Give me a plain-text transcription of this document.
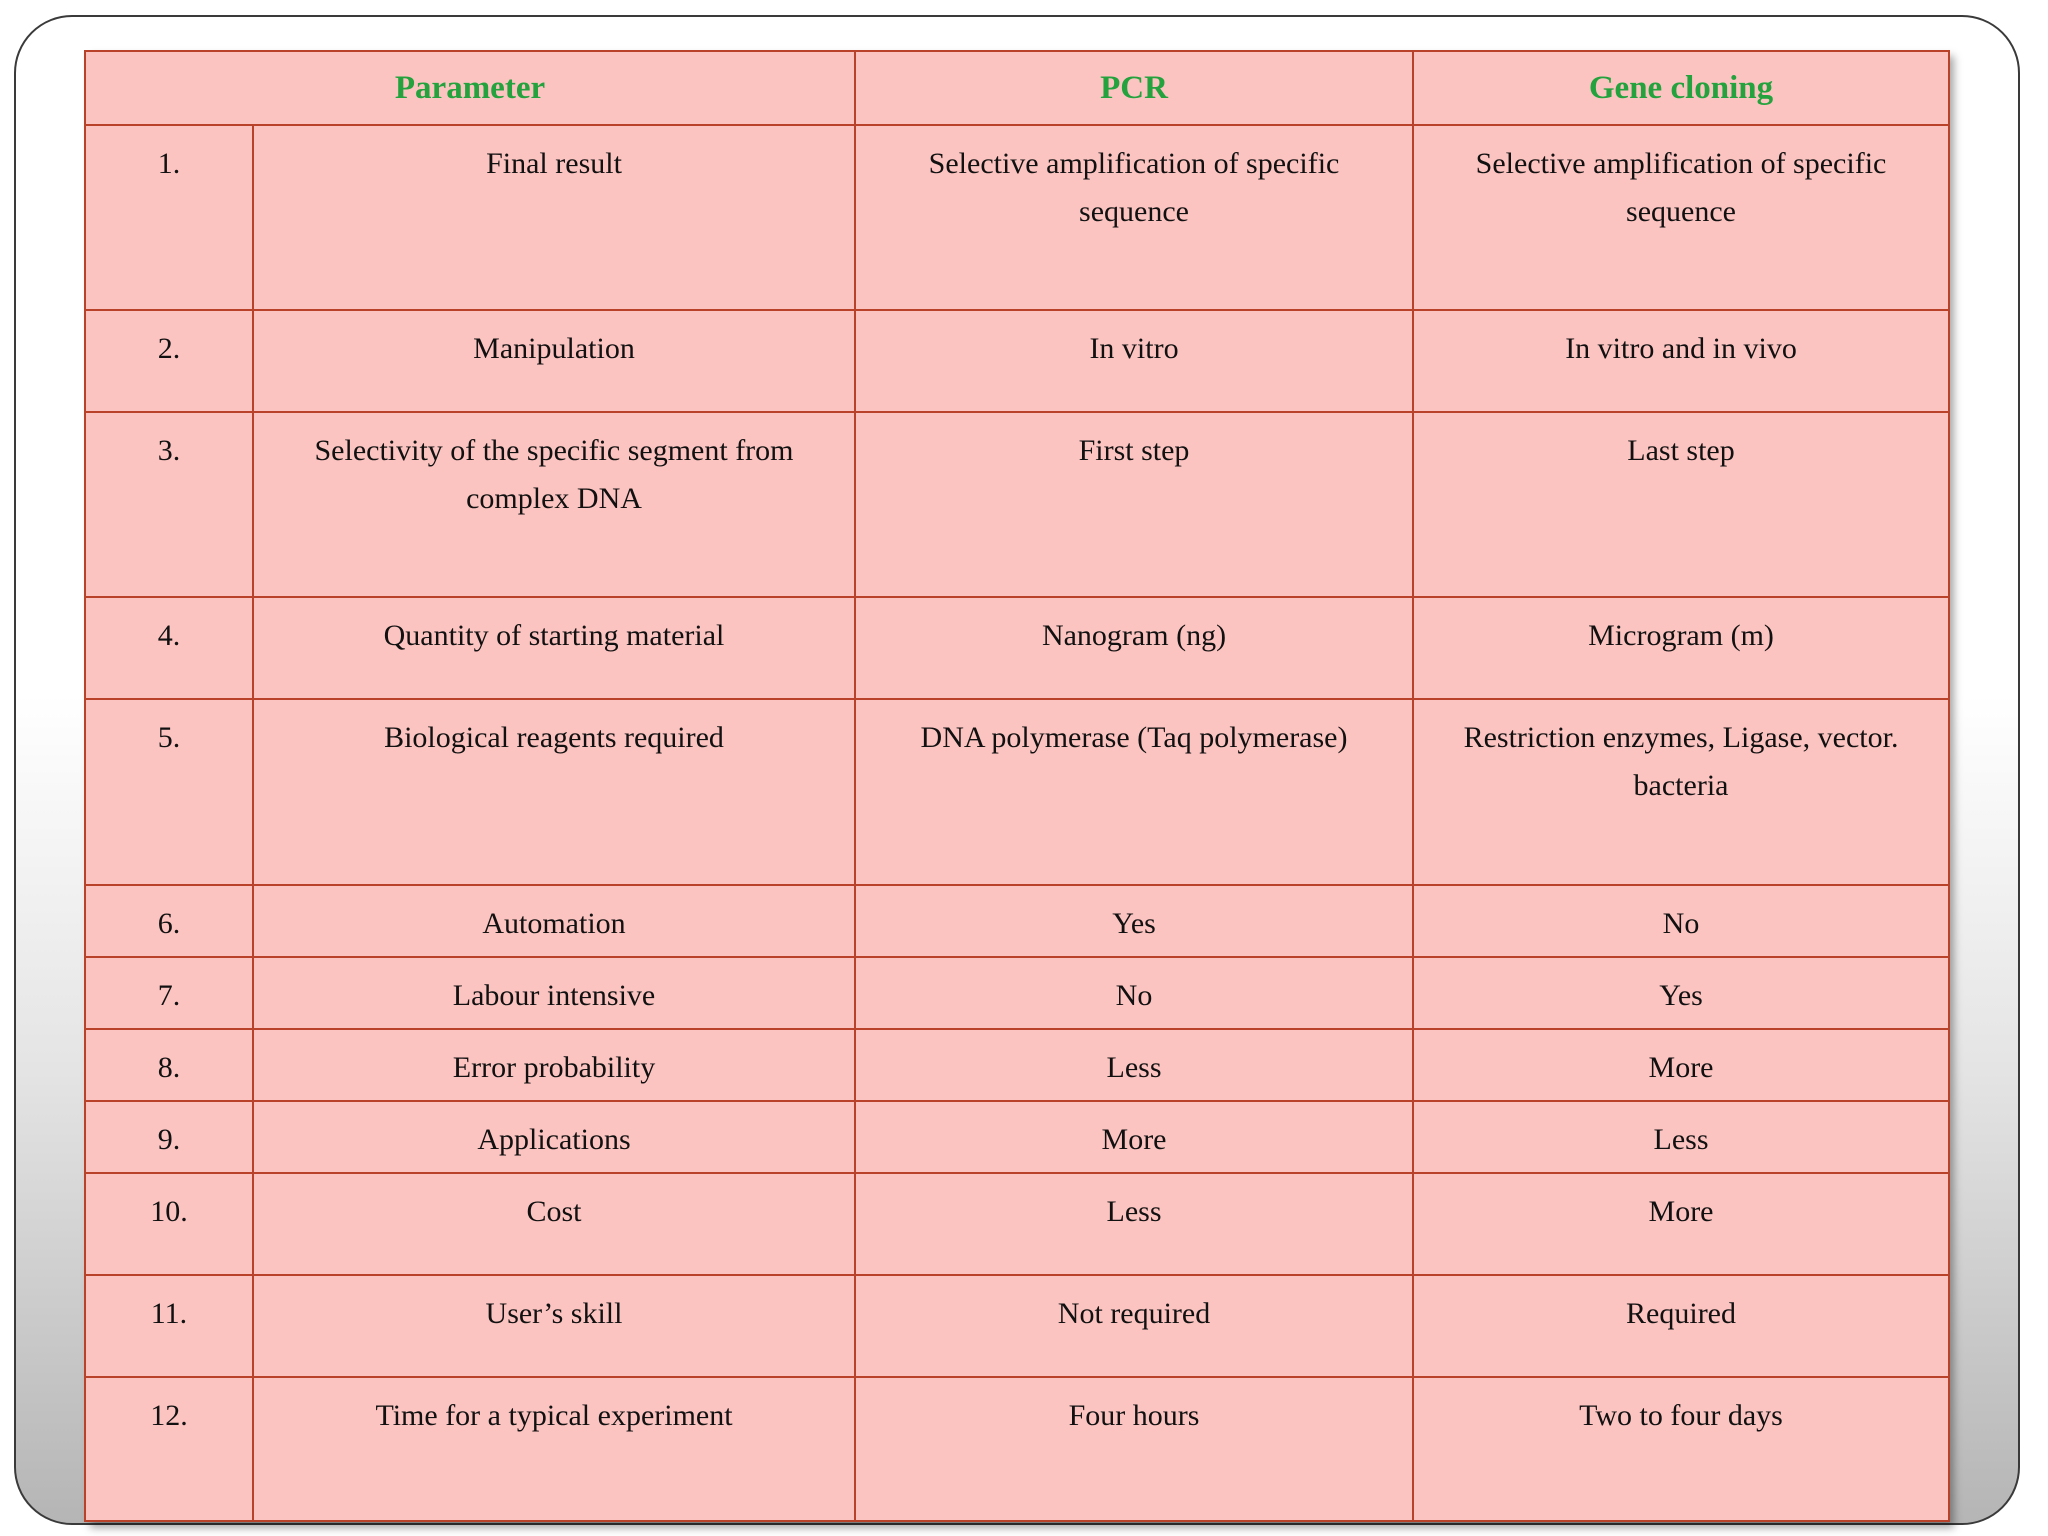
Parameter		PCR	Gene cloning
1.	Final result	Selective amplification of specific sequence	Selective amplification of specific sequence
2.	Manipulation	In vitro	In vitro and in vivo
3.	Selectivity of the specific segment from complex DNA	First step	Last step
4.	Quantity of starting material	Nanogram (ng)	Microgram (m)
5.	Biological reagents required	DNA polymerase (Taq polymerase)	Restriction enzymes, Ligase, vector. bacteria
6.	Automation	Yes	No
7.	Labour intensive	No	Yes
8.	Error probability	Less	More
9.	Applications	More	Less
10.	Cost	Less	More
11.	User’s skill	Not required	Required
12.	Time for a typical experiment	Four hours	Two to four days
